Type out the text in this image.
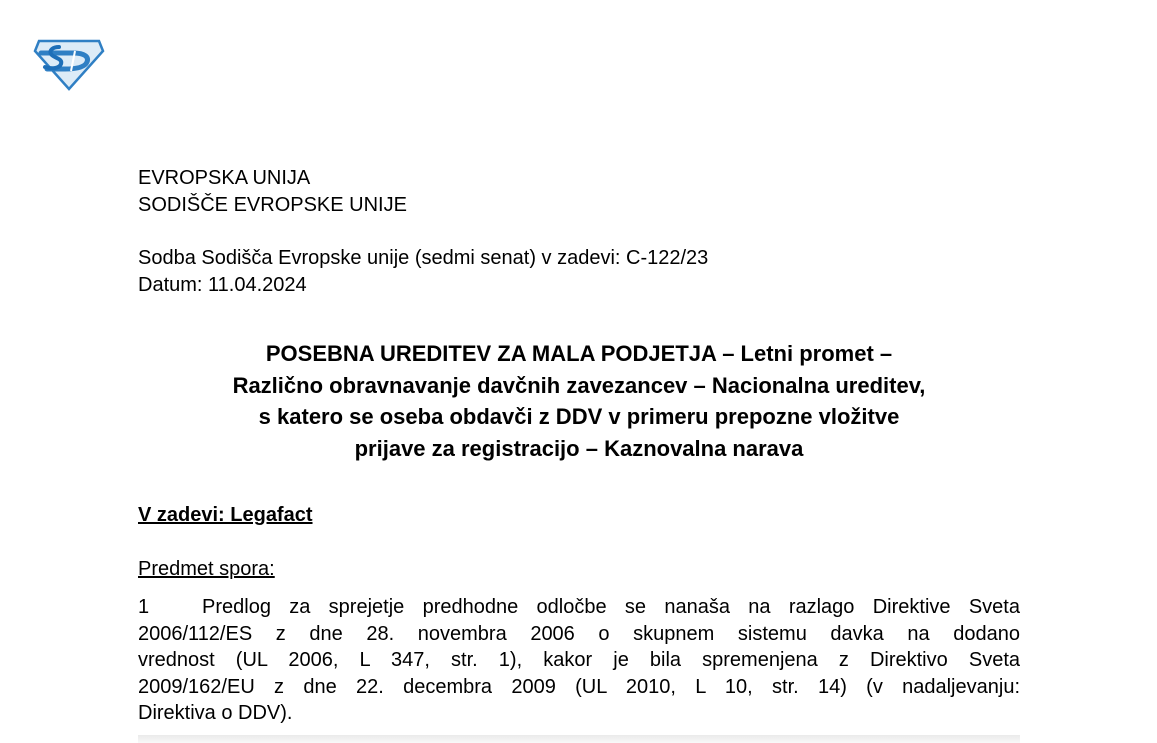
EVROPSKA UNIJA
SODIŠČE EVROPSKE UNIJE
Sodba Sodišča Evropske unije (sedmi senat) v zadevi: C-122/23
Datum: 11.04.2024
POSEBNA UREDITEV ZA MALA PODJETJA – Letni promet –
Različno obravnavanje davčnih zavezancev – Nacionalna ureditev,
s katero se oseba obdavči z DDV v primeru prepozne vložitve
prijave za registracijo – Kaznovalna narava
V zadevi: Legafact
Predmet spora:
1	Predlog za sprejetje predhodne odločbe se nanaša na razlago Direktive Sveta
2006/112/ES z dne 28. novembra 2006 o skupnem sistemu davka na dodano
vrednost (UL 2006, L 347, str. 1), kakor je bila spremenjena z Direktivo Sveta
2009/162/EU z dne 22. decembra 2009 (UL 2010, L 10, str. 14) (v nadaljevanju:
Direktiva o DDV).
